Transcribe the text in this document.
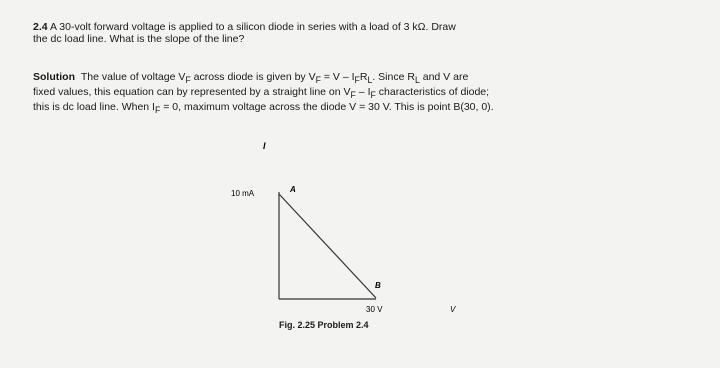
2.4 A 30-volt forward voltage is applied to a silicon diode in series with a load of 3 kΩ. Draw
the dc load line. What is the slope of the line?
Solution The value of voltage $V_F$ across diode is given by $V_F = V - I_FR_L$. Since $R_L$ and V are
fixed values, this equation can by represented by a straight line on $V_F - I_F$ characteristics of diode;
this is dc load line. When $I_F = 0$, maximum voltage across the diode V = 30 V. This is point B(30, 0).
I
10 mA	A
B
30 V	V
Fig. 2.25 Problem 2.4
